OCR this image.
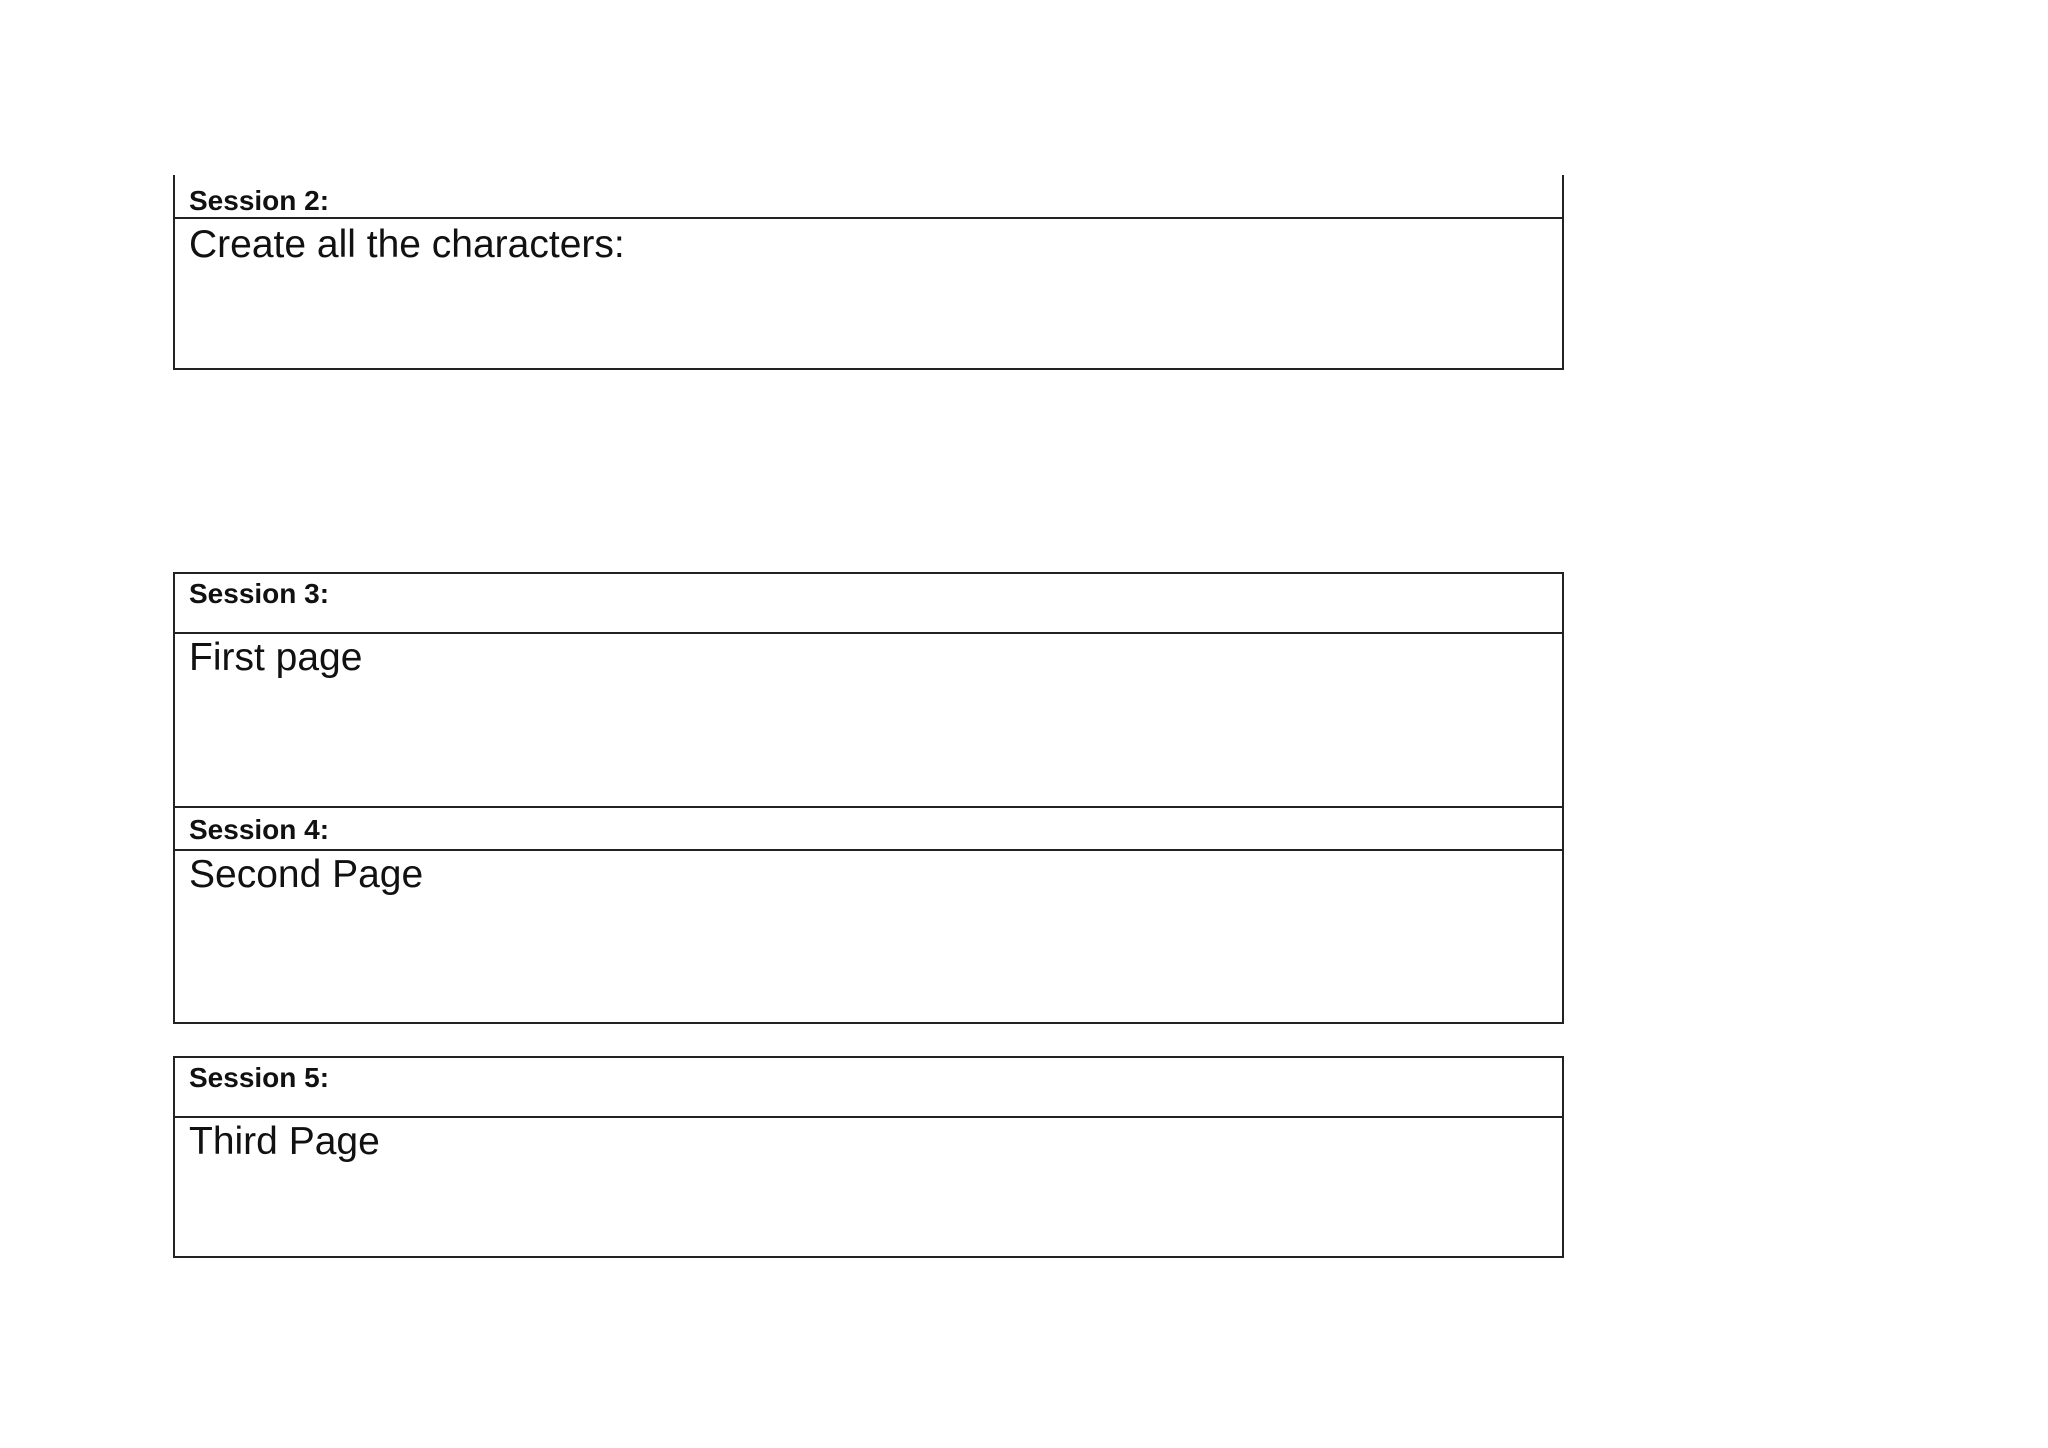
Session 2:
Create all the characters:
Session 3:
First page
Session 4:
Second Page
Session 5:
Third Page
